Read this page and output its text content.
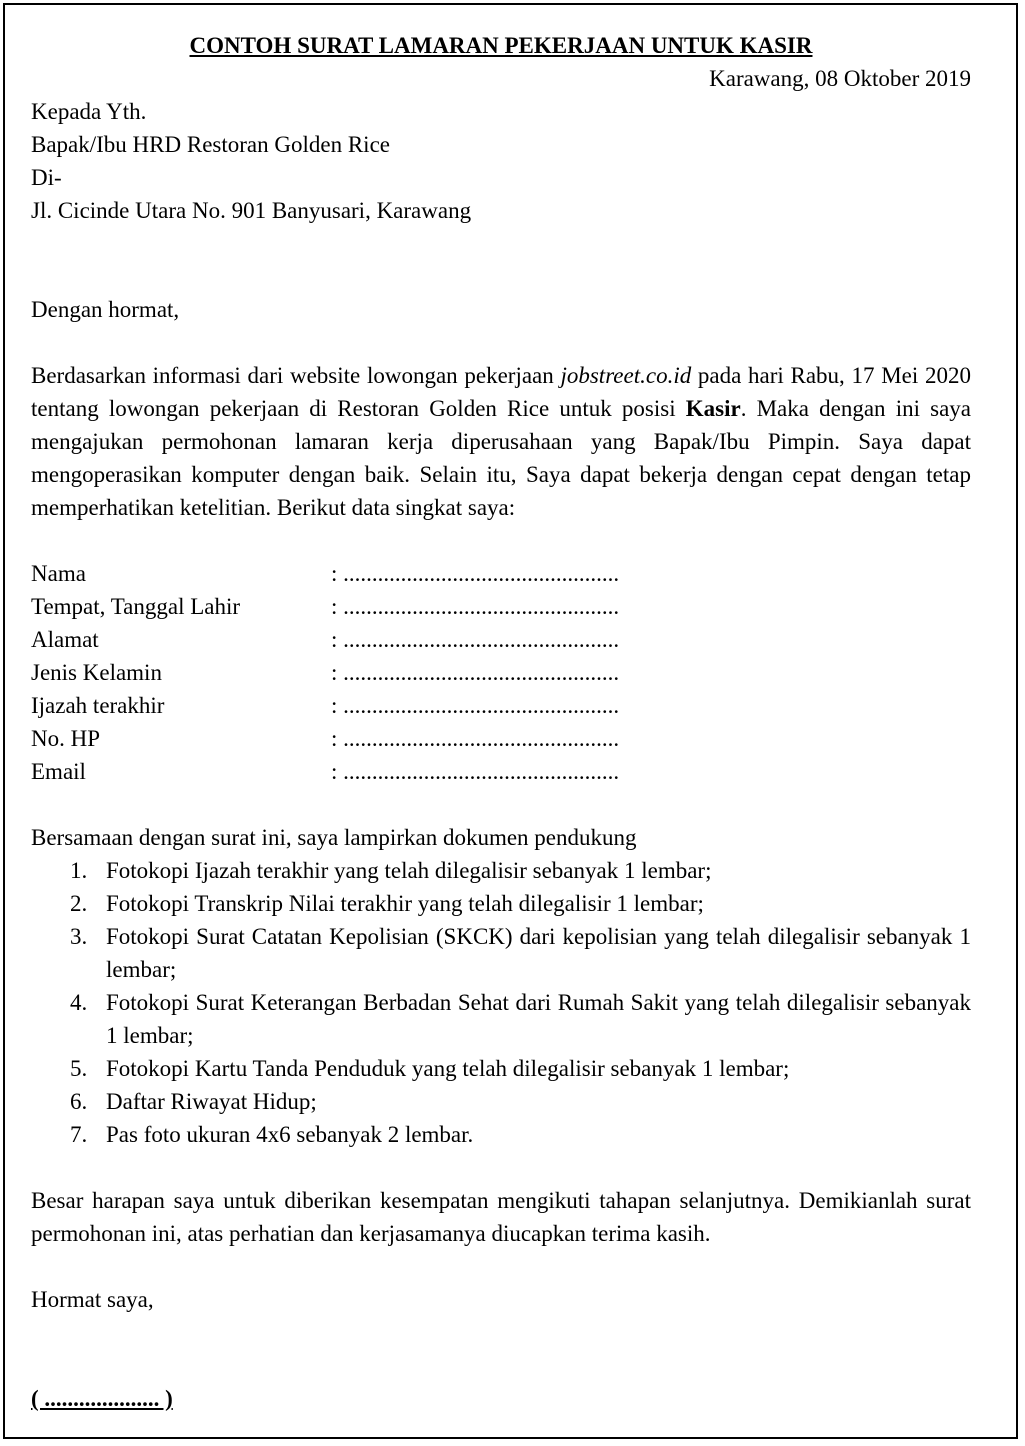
CONTOH SURAT LAMARAN PEKERJAAN UNTUK KASIR

Karawang, 08 Oktober 2019

Kepada Yth.

Bapak/Ibu HRD Restoran Golden Rice

Di-

Jl. Cicinde Utara No. 901 Banyusari, Karawang

Dengan hormat,

Berdasarkan informasi dari website lowongan pekerjaan jobstreet.co.id pada hari Rabu, 17 Mei 2020 tentang lowongan pekerjaan di Restoran Golden Rice untuk posisi Kasir. Maka dengan ini saya mengajukan permohonan lamaran kerja diperusahaan yang Bapak/Ibu Pimpin. Saya dapat mengoperasikan komputer dengan baik. Selain itu, Saya dapat bekerja dengan cepat dengan tetap memperhatikan ketelitian. Berikut data singkat saya:

Nama	: ................................................
Tempat, Tanggal Lahir	: ................................................
Alamat	: ................................................
Jenis Kelamin	: ................................................
Ijazah terakhir	: ................................................
No. HP	: ................................................
Email	: ................................................

Bersamaan dengan surat ini, saya lampirkan dokumen pendukung

1. Fotokopi Ijazah terakhir yang telah dilegalisir sebanyak 1 lembar;
2. Fotokopi Transkrip Nilai terakhir yang telah dilegalisir 1 lembar;
3. Fotokopi Surat Catatan Kepolisian (SKCK) dari kepolisian yang telah dilegalisir sebanyak 1 lembar;
4. Fotokopi Surat Keterangan Berbadan Sehat dari Rumah Sakit yang telah dilegalisir sebanyak 1 lembar;
5. Fotokopi Kartu Tanda Penduduk yang telah dilegalisir sebanyak 1 lembar;
6. Daftar Riwayat Hidup;
7. Pas foto ukuran 4x6 sebanyak 2 lembar.

Besar harapan saya untuk diberikan kesempatan mengikuti tahapan selanjutnya. Demikianlah surat permohonan ini, atas perhatian dan kerjasamanya diucapkan terima kasih.

Hormat saya,

( .................... )
